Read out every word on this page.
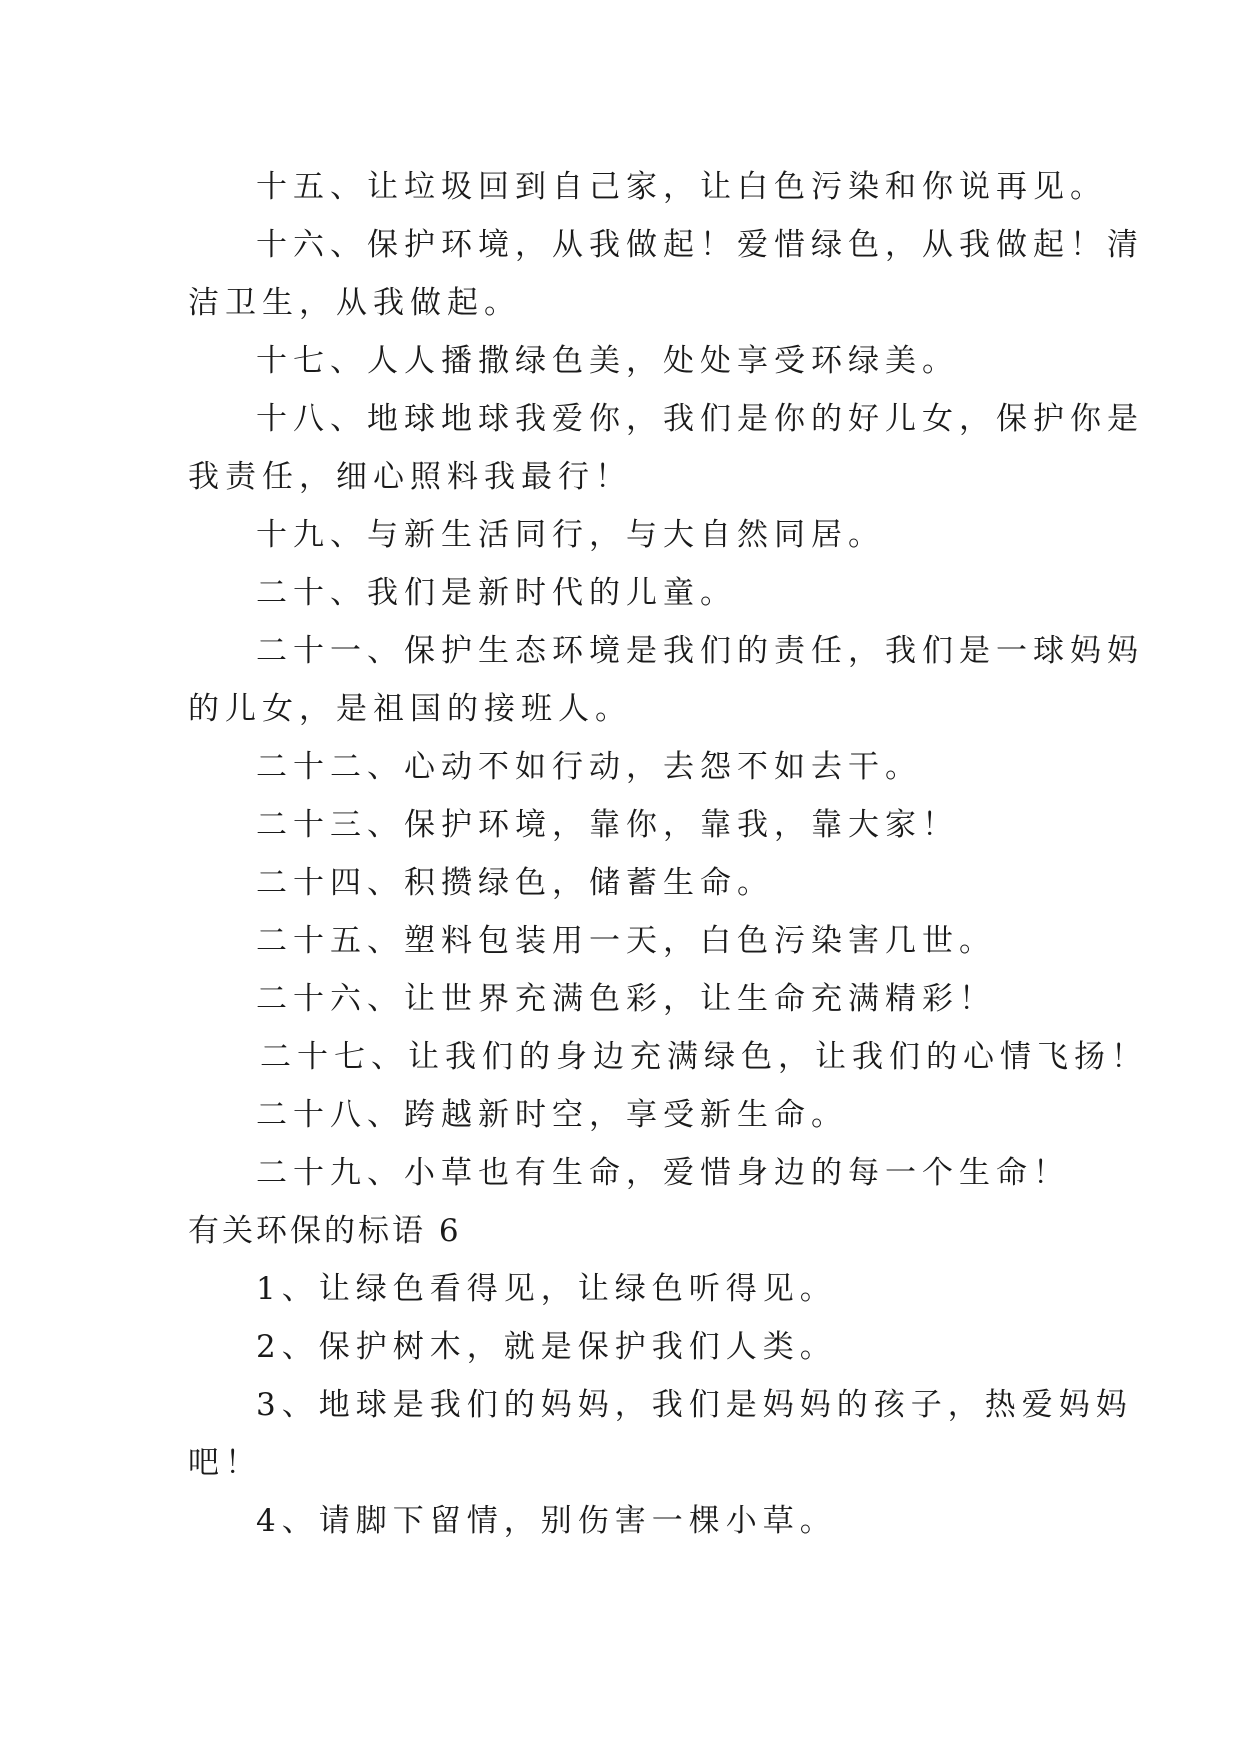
十五、让垃圾回到自己家，让白色污染和你说再见。

十六、保护环境，从我做起！爱惜绿色，从我做起！清

洁卫生，从我做起。

十七、人人播撒绿色美，处处享受环绿美。

十八、地球地球我爱你，我们是你的好儿女，保护你是

我责任，细心照料我最行！

十九、与新生活同行，与大自然同居。

二十、我们是新时代的儿童。

二十一、保护生态环境是我们的责任，我们是一球妈妈

的儿女，是祖国的接班人。

二十二、心动不如行动，去怨不如去干。

二十三、保护环境，靠你，靠我，靠大家！

二十四、积攒绿色，储蓄生命。

二十五、塑料包装用一天，白色污染害几世。

二十六、让世界充满色彩，让生命充满精彩！

二十七、让我们的身边充满绿色，让我们的心情飞扬！

二十八、跨越新时空，享受新生命。

二十九、小草也有生命，爱惜身边的每一个生命！

有关环保的标语 6

1、让绿色看得见，让绿色听得见。

2、保护树木，就是保护我们人类。

3、地球是我们的妈妈，我们是妈妈的孩子，热爱妈妈

吧！

4、请脚下留情，别伤害一棵小草。
